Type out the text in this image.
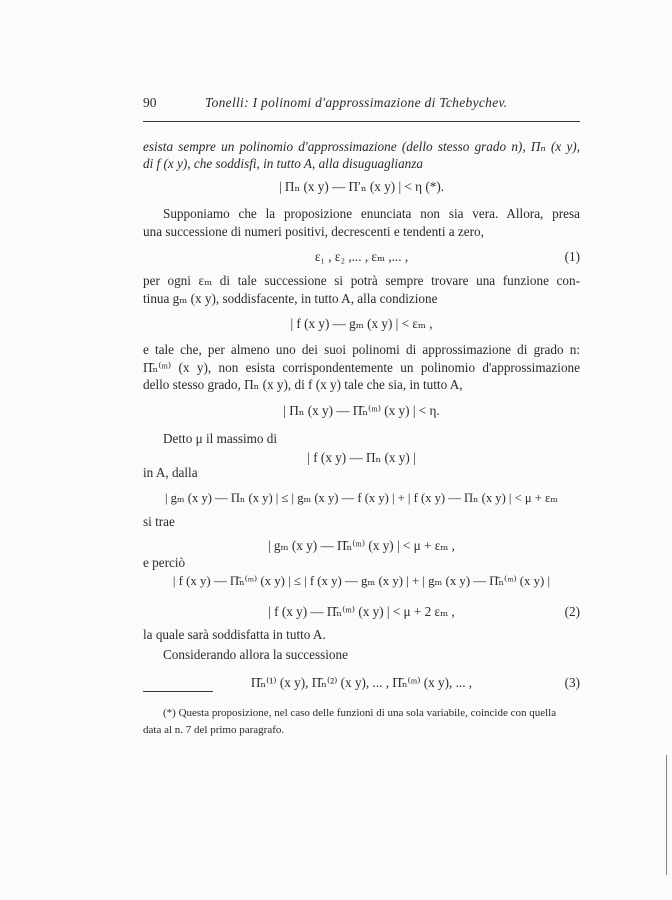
90	Tonelli: I polinomi d'approssimazione di Tchebychev.
esista sempre un polinomio d'approssimazione (dello stesso grado n), Πₙ (x y),
di f (x y), che soddisfi, in tutto A, alla disuguaglianza
| Πₙ (x y) — Π′ₙ (x y) | < η (*).
Supponiamo che la proposizione enunciata non sia vera. Allora, presa
una successione di numeri positivi, decrescenti e tendenti a zero,
ε₁ , ε₂ ,... , εₘ ,... ,	(1)
per ogni εₘ di tale successione si potrà sempre trovare una funzione con-
tinua gₘ (x y), soddisfacente, in tutto A, alla condizione
| f (x y) — gₘ (x y) | < εₘ ,
e tale che, per almeno uno dei suoi polinomi di approssimazione di grado n:
Π̄ₙ⁽ᵐ⁾ (x y), non esista corrispondentemente un polinomio d'approssimazione
dello stesso grado, Πₙ (x y), di f (x y) tale che sia, in tutto A,
| Πₙ (x y) — Π̄ₙ⁽ᵐ⁾ (x y) | < η.
Detto μ il massimo di
| f (x y) — Πₙ (x y) |
in A, dalla
| gₘ (x y) — Πₙ (x y) | ≤ | gₘ (x y) — f (x y) | + | f (x y) — Πₙ (x y) | < μ + εₘ
si trae
| gₘ (x y) — Π̄ₙ⁽ᵐ⁾ (x y) | < μ + εₘ ,
e perciò
| f (x y) — Π̄ₙ⁽ᵐ⁾ (x y) | ≤ | f (x y) — gₘ (x y) | + | gₘ (x y) — Π̄ₙ⁽ᵐ⁾ (x y) |
| f (x y) — Π̄ₙ⁽ᵐ⁾ (x y) | < μ + 2 εₘ ,	(2)
la quale sarà soddisfatta in tutto A.
Considerando allora la successione
Π̄ₙ⁽¹⁾ (x y), Π̄ₙ⁽²⁾ (x y), ... , Π̄ₙ⁽ᵐ⁾ (x y), ... ,	(3)
(*) Questa proposizione, nel caso delle funzioni di una sola variabile, coincide con quella
data al n. 7 del primo paragrafo.
